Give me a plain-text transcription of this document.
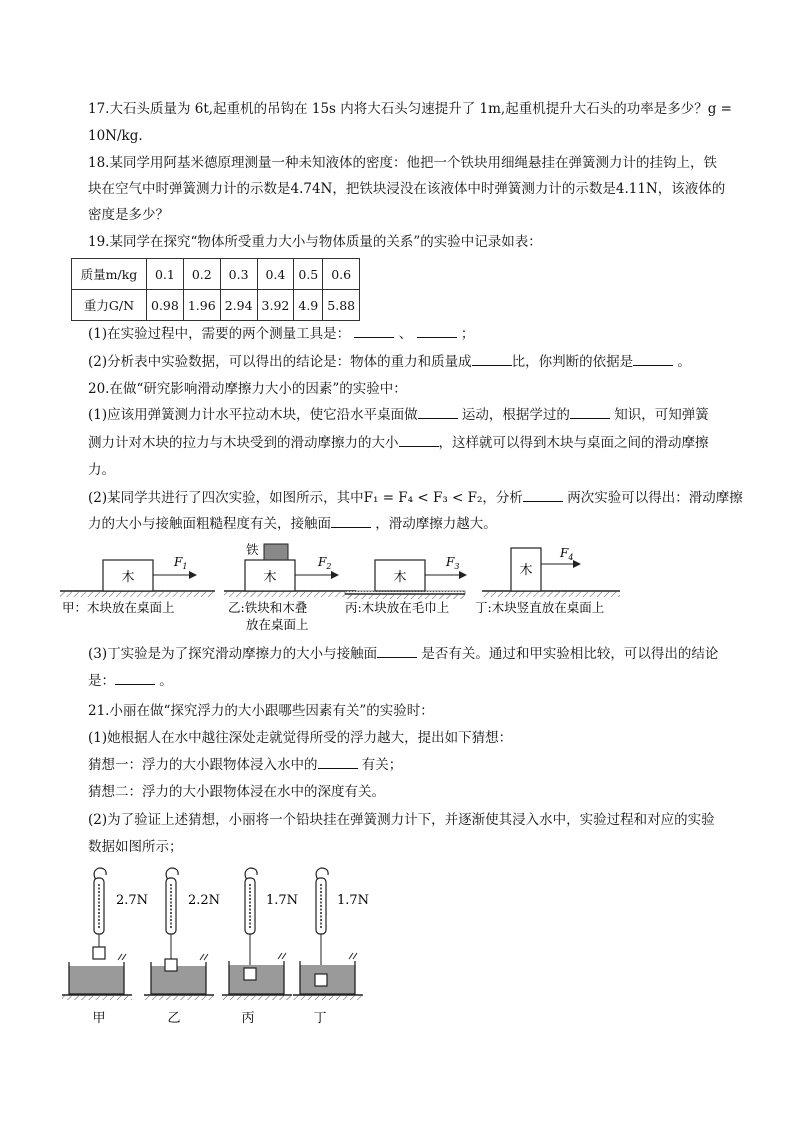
17.大石头质量为 6t,起重机的吊钩在 15s 内将大石头匀速提升了 1m,起重机提升大石头的功率是多少？g =
10N/kg.
18.某同学用阿基米德原理测量一种未知液体的密度：他把一个铁块用细绳悬挂在弹簧测力计的挂钩上，铁
块在空气中时弹簧测力计的示数是4.74N，把铁块浸没在该液体中时弹簧测力计的示数是4.11N，该液体的
密度是多少？
19.某同学在探究“物体所受重力大小与物体质量的关系”的实验中记录如表：
质量m/kg	0.1	0.2	0.3	0.4	0.5	0.6
重力G/N	0.98	1.96	2.94	3.92	4.9	5.88
(1)在实验过程中，需要的两个测量工具是：	、	；
(2)分析表中实验数据，可以得出的结论是：物体的重力和质量成	比，你判断的依据是	。
20.在做“研究影响滑动摩擦力大小的因素”的实验中：
(1)应该用弹簧测力计水平拉动木块，使它沿水平桌面做	运动，根据学过的	知识，可知弹簧
测力计对木块的拉力与木块受到的滑动摩擦力的大小	，这样就可以得到木块与桌面之间的滑动摩擦
力。
(2)某同学共进行了四次实验，如图所示，其中F₁ = F₄ < F₃ < F₂，分析	两次实验可以得出：滑动摩擦
力的大小与接触面粗糙程度有关，接触面	，滑动摩擦力越大。
木
$F_1$
甲：木块放在桌面上
铁
木
$F_2$
乙:铁块和木叠
放在桌面上
木
$F_3$
丙:木块放在毛巾上
木
$F_4$
丁:木块竖直放在桌面上
(3)丁实验是为了探究滑动摩擦力的大小与接触面	是否有关。通过和甲实验相比较，可以得出的结论
是：	。
21.小丽在做“探究浮力的大小跟哪些因素有关”的实验时：
(1)她根据人在水中越往深处走就觉得所受的浮力越大，提出如下猜想：
猜想一：浮力的大小跟物体浸入水中的	有关；
猜想二：浮力的大小跟物体浸在水中的深度有关。
(2)为了验证上述猜想，小丽将一个铅块挂在弹簧测力计下，并逐渐使其浸入水中，实验过程和对应的实验
数据如图所示；
2.7N
甲
2.2N
乙
1.7N
丙
1.7N
丁
